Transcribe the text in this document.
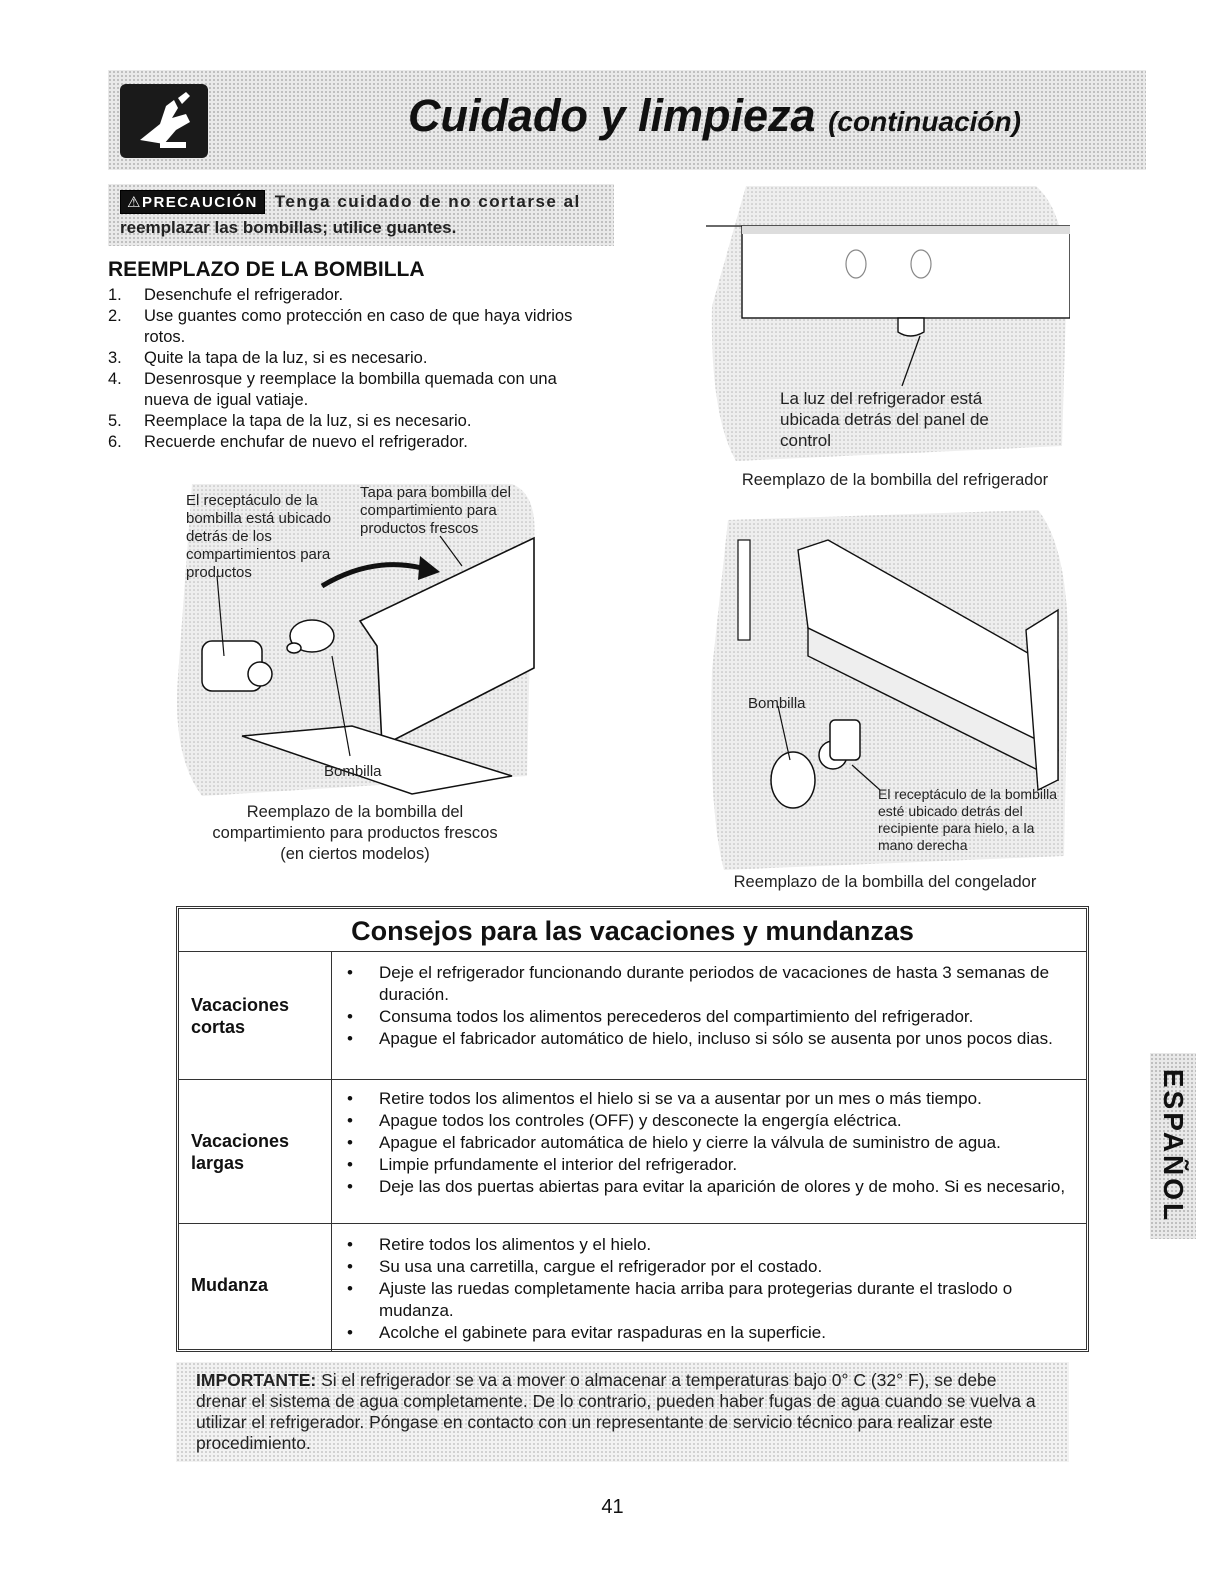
Cuidado y limpieza (continuación)
⚠PRECAUCIÓN Tenga cuidado de no cortarse al
reemplazar las bombillas; utilice guantes.
REEMPLAZO DE LA BOMBILLA
1. Desenchufe el refrigerador.
2. Use guantes como protección en caso de que haya vidrios rotos.
3. Quite la tapa de la luz, si es necesario.
4. Desenrosque y reemplace la bombilla quemada con una nueva de igual vatiaje.
5. Reemplace la tapa de la luz, si es necesario.
6. Recuerde enchufar de nuevo el refrigerador.
El receptáculo de la bombilla está ubicado detrás de los compartimientos para productos
Tapa para bombilla del compartimiento para productos frescos
Bombilla
Reemplazo de la bombilla del
compartimiento para productos frescos
(en ciertos modelos)
La luz del refrigerador está ubicada detrás del panel de control
Reemplazo de la bombilla del refrigerador
Bombilla
El receptáculo de la bombilla esté ubicado detrás del recipiente para hielo, a la mano derecha
Reemplazo de la bombilla del congelador
Consejos para las vacaciones y mundanzas
Vacaciones cortas
• Deje el refrigerador funcionando durante periodos de vacaciones de hasta 3 semanas de duración.
• Consuma todos los alimentos perecederos del compartimiento del refrigerador.
• Apague el fabricador automático de hielo, incluso si sólo se ausenta por unos pocos dias.
Vacaciones largas
• Retire todos los alimentos el hielo si se va a ausentar por un mes o más tiempo.
• Apague todos los controles (OFF) y desconecte la engergía eléctrica.
• Apague el fabricador automática de hielo y cierre la válvula de suministro de agua.
• Limpie prfundamente el interior del refrigerador.
• Deje las dos puertas abiertas para evitar la aparición de olores y de moho. Si es necesario,
Mudanza
• Retire todos los alimentos y el hielo.
• Su usa una carretilla, cargue el refrigerador por el costado.
• Ajuste las ruedas completamente hacia arriba para protegerias durante el traslodo o mudanza.
• Acolche el gabinete para evitar raspaduras en la superficie.
IMPORTANTE: Si el refrigerador se va a mover o almacenar a temperaturas bajo 0° C (32° F), se debe drenar el sistema de agua completamente. De lo contrario, pueden haber fugas de agua cuando se vuelva a utilizar el refrigerador. Póngase en contacto con un representante de servicio técnico para realizar este procedimiento.
ESPAÑOL
41
